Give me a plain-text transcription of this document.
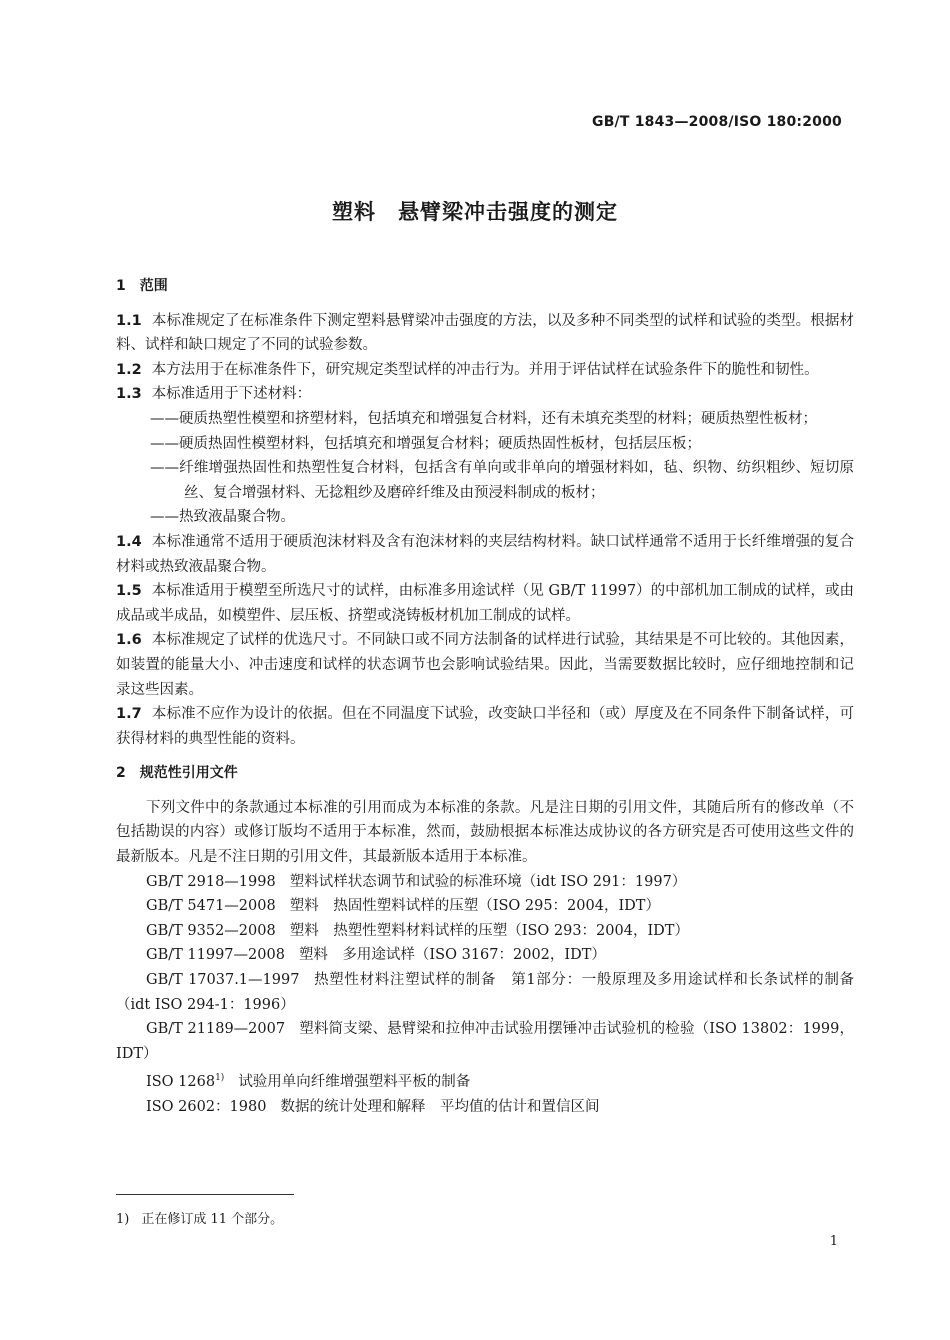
GB/T 1843—2008/ISO 180:2000
塑料　悬臂梁冲击强度的测定
1　范围

1.1 本标准规定了在标准条件下测定塑料悬臂梁冲击强度的方法，以及多种不同类型的试样和试验的类型。根据材料、试样和缺口规定了不同的试验参数。

1.2 本方法用于在标准条件下，研究规定类型试样的冲击行为。并用于评估试样在试验条件下的脆性和韧性。

1.3 本标准适用于下述材料：

——硬质热塑性模塑和挤塑材料，包括填充和增强复合材料，还有未填充类型的材料；硬质热塑性板材；

——硬质热固性模塑材料，包括填充和增强复合材料；硬质热固性板材，包括层压板；

——纤维增强热固性和热塑性复合材料，包括含有单向或非单向的增强材料如，毡、织物、纺织粗纱、短切原丝、复合增强材料、无捻粗纱及磨碎纤维及由预浸料制成的板材；

——热致液晶聚合物。

1.4 本标准通常不适用于硬质泡沫材料及含有泡沫材料的夹层结构材料。缺口试样通常不适用于长纤维增强的复合材料或热致液晶聚合物。

1.5 本标准适用于模塑至所选尺寸的试样，由标准多用途试样（见 GB/T 11997）的中部机加工制成的试样，或由成品或半成品，如模塑件、层压板、挤塑或浇铸板材机加工制成的试样。

1.6 本标准规定了试样的优选尺寸。不同缺口或不同方法制备的试样进行试验，其结果是不可比较的。其他因素，如装置的能量大小、冲击速度和试样的状态调节也会影响试验结果。因此，当需要数据比较时，应仔细地控制和记录这些因素。

1.7 本标准不应作为设计的依据。但在不同温度下试验，改变缺口半径和（或）厚度及在不同条件下制备试样，可获得材料的典型性能的资料。

2　规范性引用文件

下列文件中的条款通过本标准的引用而成为本标准的条款。凡是注日期的引用文件，其随后所有的修改单（不包括勘误的内容）或修订版均不适用于本标准，然而，鼓励根据本标准达成协议的各方研究是否可使用这些文件的最新版本。凡是不注日期的引用文件，其最新版本适用于本标准。

GB/T 2918—1998 塑料试样状态调节和试验的标准环境（idt ISO 291：1997）

GB/T 5471—2008 塑料　热固性塑料试样的压塑（ISO 295：2004，IDT）

GB/T 9352—2008 塑料　热塑性塑料材料试样的压塑（ISO 293：2004，IDT）

GB/T 11997—2008 塑料　多用途试样（ISO 3167：2002，IDT）

GB/T 17037.1—1997 热塑性材料注塑试样的制备　第1部分：一般原理及多用途试样和长条试样的制备（idt ISO 294-1：1996）

GB/T 21189—2007 塑料简支梁、悬臂梁和拉伸冲击试验用摆锤冲击试验机的检验（ISO 13802：1999，IDT）

ISO 1268$^{1)}$ 试验用单向纤维增强塑料平板的制备

ISO 2602：1980 数据的统计处理和解释　平均值的估计和置信区间

1) 正在修订成 11 个部分。
1
